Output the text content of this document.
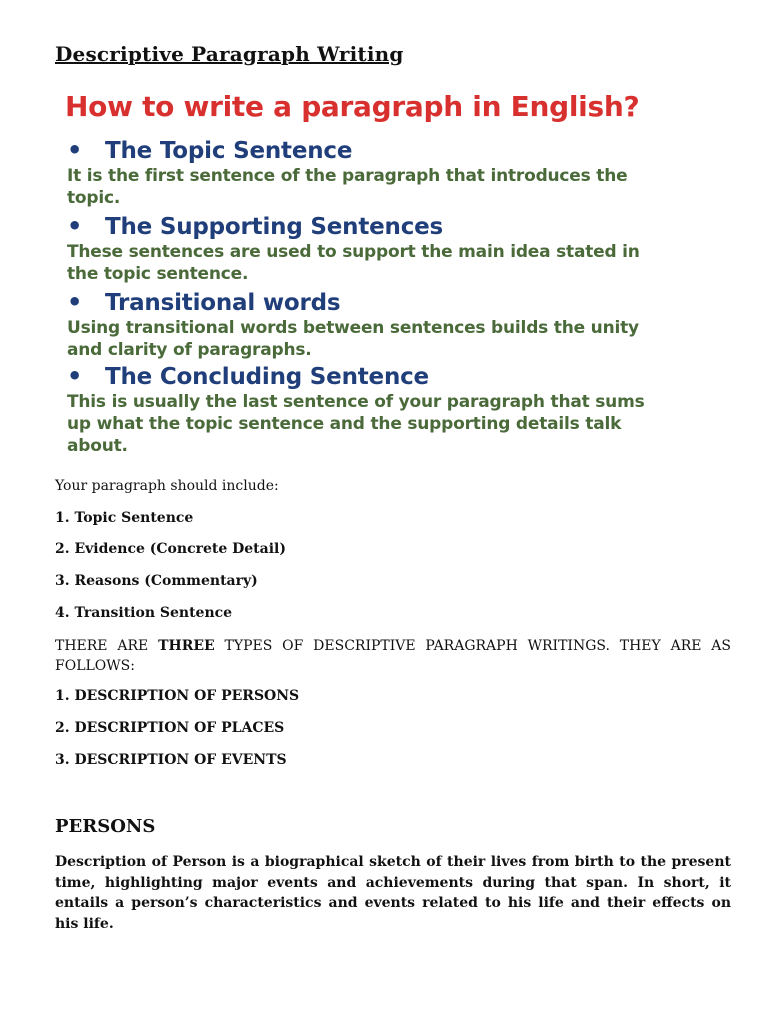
Descriptive Paragraph Writing
How to write a paragraph in English?
• The Topic Sentence
It is the first sentence of the paragraph that introduces the topic.
• The Supporting Sentences
These sentences are used to support the main idea stated in the topic sentence.
• Transitional words
Using transitional words between sentences builds the unity and clarity of paragraphs.
• The Concluding Sentence
This is usually the last sentence of your paragraph that sums up what the topic sentence and the supporting details talk about.
Your paragraph should include:
1. Topic Sentence
2. Evidence (Concrete Detail)
3. Reasons (Commentary)
4. Transition Sentence
THERE ARE THREE TYPES OF DESCRIPTIVE PARAGRAPH WRITINGS. THEY ARE AS FOLLOWS:
1. DESCRIPTION OF PERSONS
2. DESCRIPTION OF PLACES
3. DESCRIPTION OF EVENTS
PERSONS
Description of Person is a biographical sketch of their lives from birth to the present time, highlighting major events and achievements during that span. In short, it entails a person’s characteristics and events related to his life and their effects on his life.
